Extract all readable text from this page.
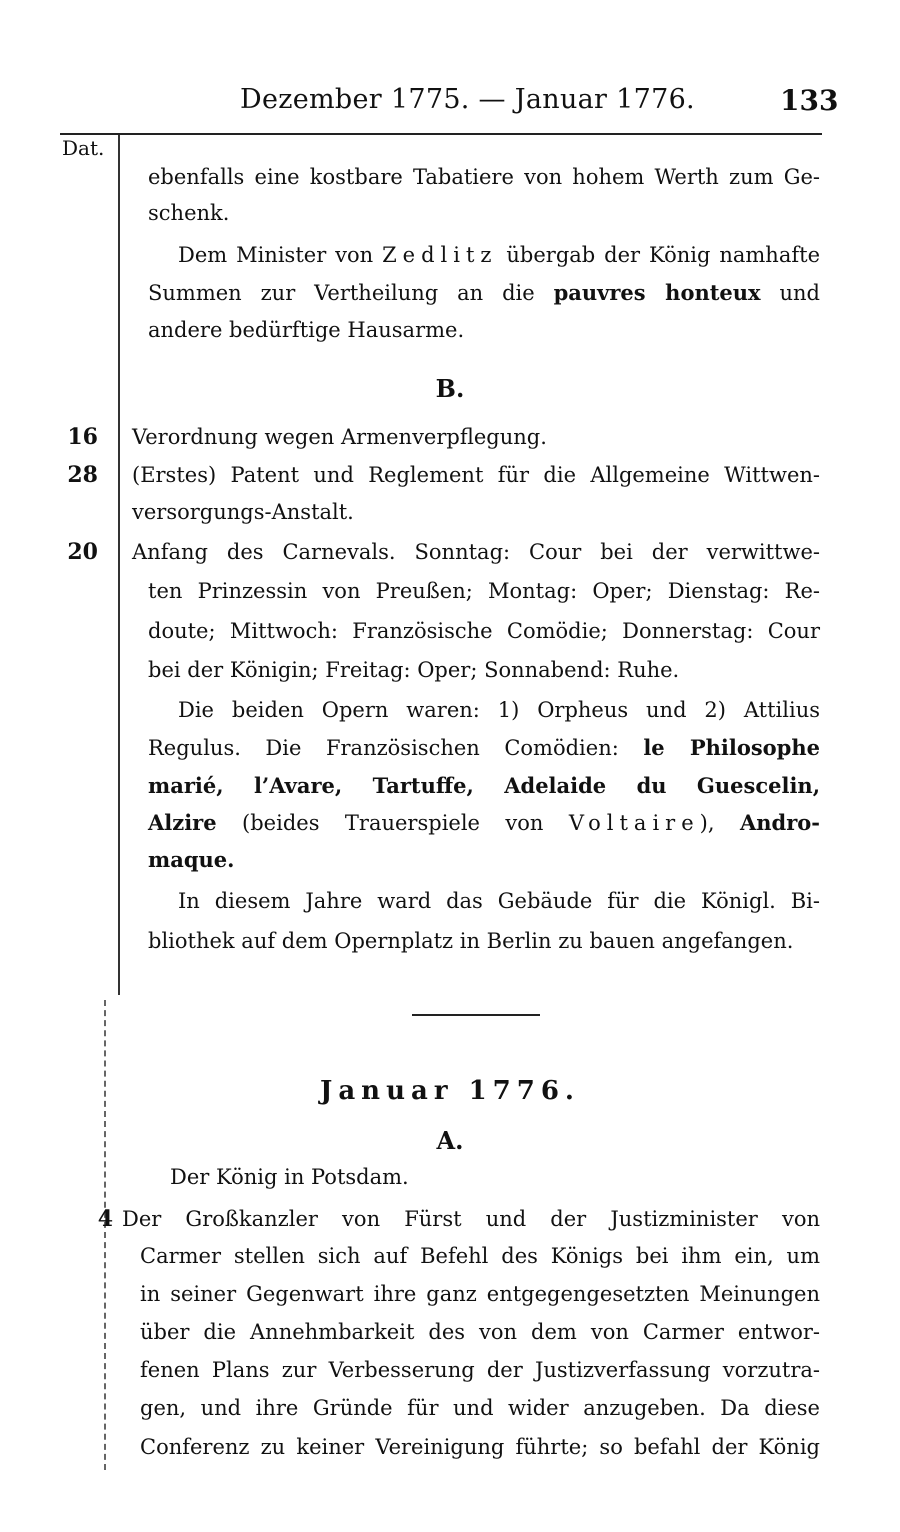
Dezember 1775. — Januar 1776.	133
Dat.
ebenfalls eine kostbare Tabatiere von hohem Werth zum Ge-
schenk.
Dem Minister von Zedlitz übergab der König namhafte
Summen zur Vertheilung an die pauvres honteux und
andere bedürftige Hausarme.
B.
16 Verordnung wegen Armenverpflegung.
28 (Erstes) Patent und Reglement für die Allgemeine Wittwen-
versorgungs-Anstalt.
20 Anfang des Carnevals. Sonntag: Cour bei der verwittwe-
ten Prinzessin von Preußen; Montag: Oper; Dienstag: Re-
doute; Mittwoch: Französische Comödie; Donnerstag: Cour
bei der Königin; Freitag: Oper; Sonnabend: Ruhe.
Die beiden Opern waren: 1) Orpheus und 2) Attilius
Regulus. Die Französischen Comödien: le Philosophe
marié, l’Avare, Tartuffe, Adelaide du Guescelin,
Alzire (beides Trauerspiele von Voltaire), Andro-
maque.
In diesem Jahre ward das Gebäude für die Königl. Bi-
bliothek auf dem Opernplatz in Berlin zu bauen angefangen.
Januar 1776.
A.
Der König in Potsdam.
4 Der Großkanzler von Fürst und der Justizminister von
Carmer stellen sich auf Befehl des Königs bei ihm ein, um
in seiner Gegenwart ihre ganz entgegengesetzten Meinungen
über die Annehmbarkeit des von dem von Carmer entwor-
fenen Plans zur Verbesserung der Justizverfassung vorzutra-
gen, und ihre Gründe für und wider anzugeben. Da diese
Conferenz zu keiner Vereinigung führte; so befahl der König
